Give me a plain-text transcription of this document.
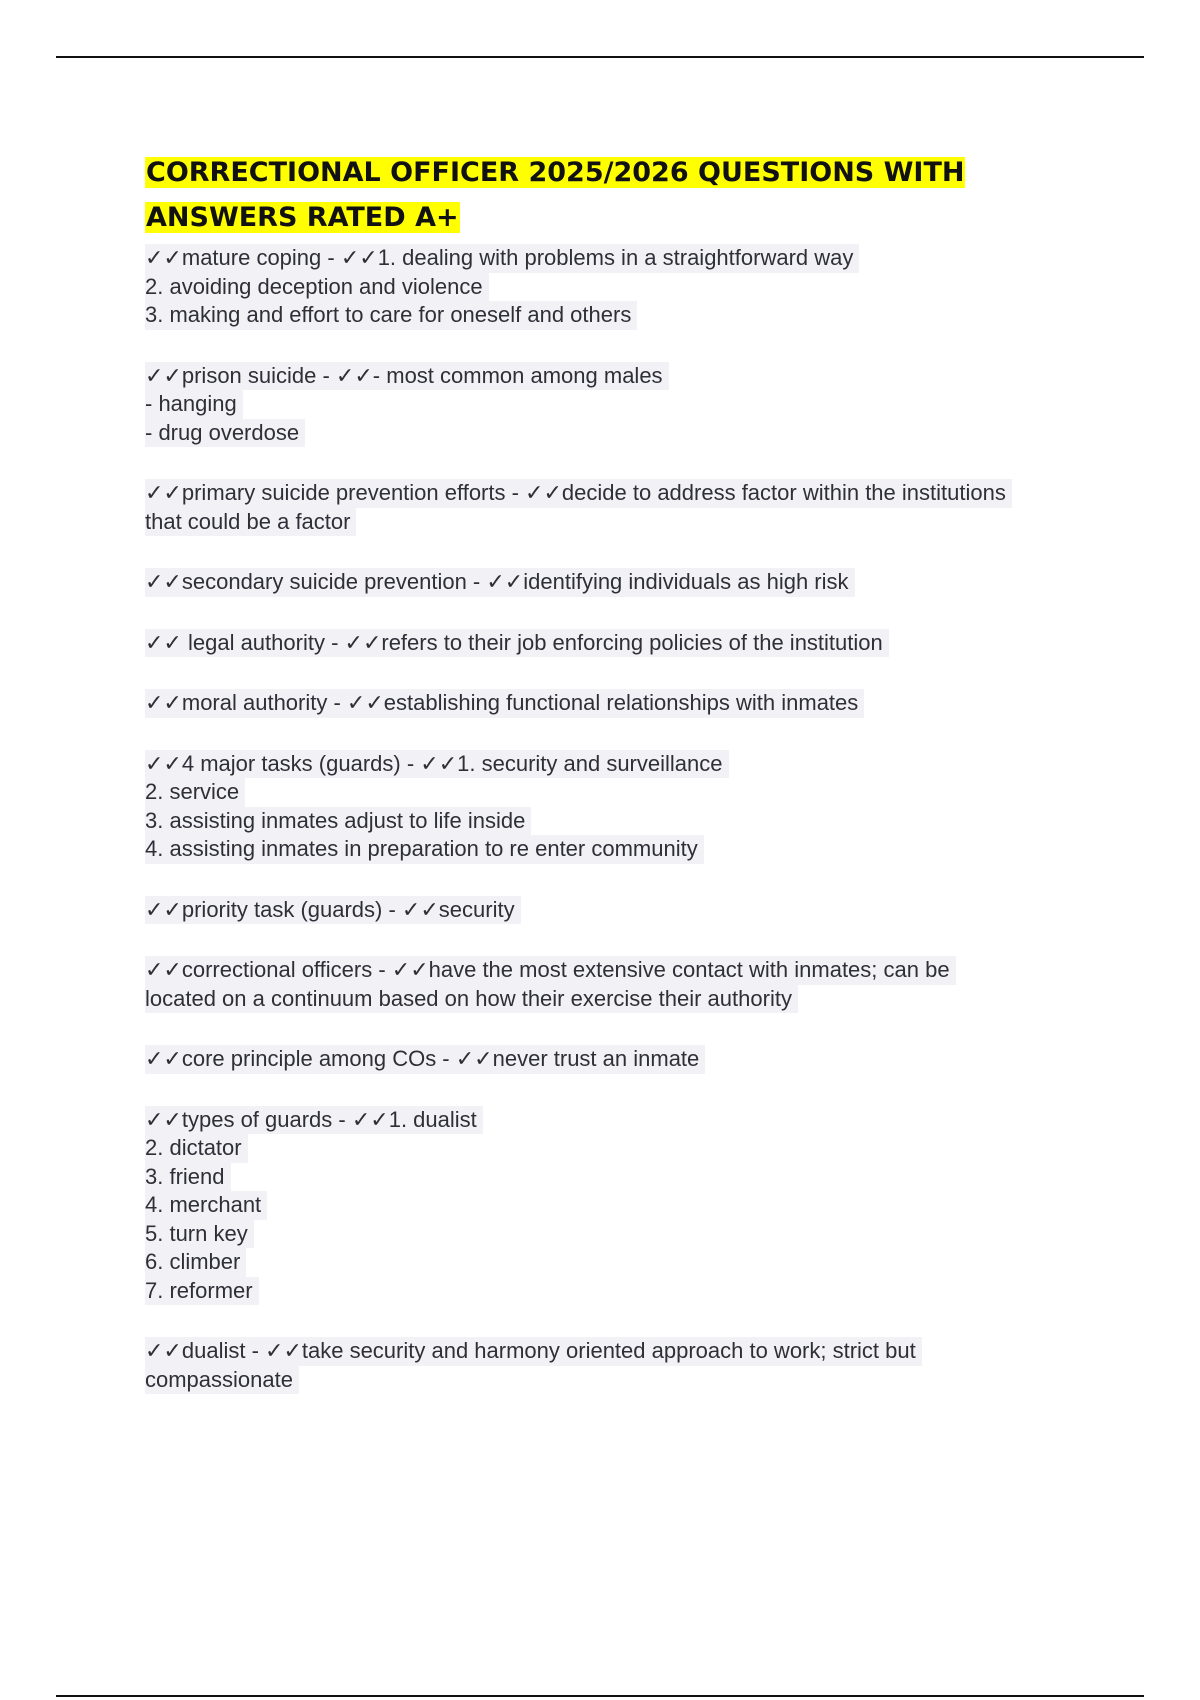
CORRECTIONAL OFFICER 2025/2026 QUESTIONS WITH ANSWERS RATED A+
✓✓mature coping - ✓✓1. dealing with problems in a straightforward way
2. avoiding deception and violence
3. making and effort to care for oneself and others
✓✓prison suicide - ✓✓- most common among males
- hanging
- drug overdose
✓✓primary suicide prevention efforts - ✓✓decide to address factor within the institutions
that could be a factor
✓✓secondary suicide prevention - ✓✓identifying individuals as high risk
✓✓ legal authority - ✓✓refers to their job enforcing policies of the institution
✓✓moral authority - ✓✓establishing functional relationships with inmates
✓✓4 major tasks (guards) - ✓✓1. security and surveillance
2. service
3. assisting inmates adjust to life inside
4. assisting inmates in preparation to re enter community
✓✓priority task (guards) - ✓✓security
✓✓correctional officers - ✓✓have the most extensive contact with inmates; can be
located on a continuum based on how their exercise their authority
✓✓core principle among COs - ✓✓never trust an inmate
✓✓types of guards - ✓✓1. dualist
2. dictator
3. friend
4. merchant
5. turn key
6. climber
7. reformer
✓✓dualist - ✓✓take security and harmony oriented approach to work; strict but
compassionate
